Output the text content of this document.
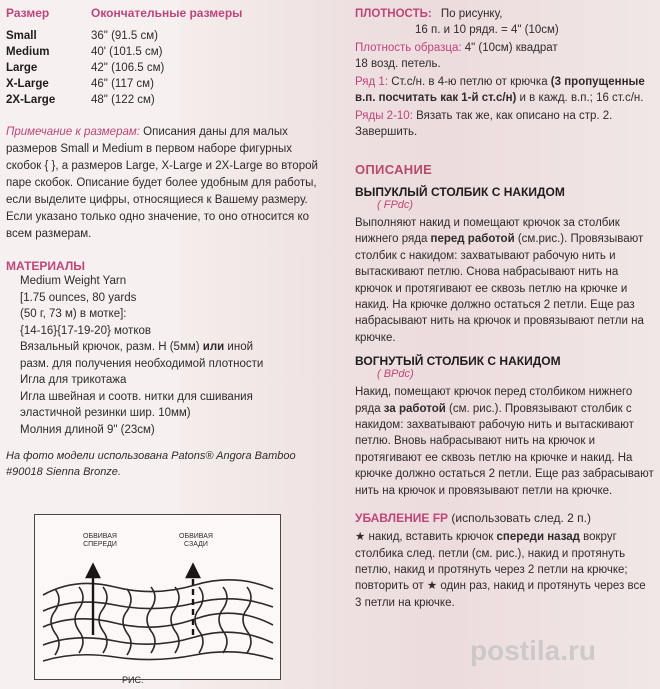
Размер	Окончательные размеры
Small	36" (91.5 см)
Medium	40' (101.5 см)
Large	42" (106.5 см)
X-Large	46" (117 см)
2X-Large	48" (122 см)
Примечание к размерам: Описания даны для малых размеров Small и Medium в первом наборе фигурных скобок { }, а размеров Large, X-Large и 2X-Large во второй паре скобок. Описание будет более удобным для работы, если выделите цифры, относящиеся к Вашему размеру. Если указано только одно значение, то оно относится ко всем размерам.
МАТЕРИАЛЫ
Medium Weight Yarn
[1.75 ounces, 80 yards
(50 г, 73 м) в мотке]:
{14-16}{17-19-20} мотков
Вязальный крючок, разм. Н (5мм) или иной
разм. для получения необходимой плотности
Игла для трикотажа
Игла швейная и соотв. нитки для сшивания
эластичной резинки шир. 10мм)
Молния длиной 9" (23см)
На фото модели использована Patons® Angora Bamboo #90018 Sienna Bronze.
ОБВИВАЯ СПЕРЕДИ
ОБВИВАЯ СЗАДИ
РИС.
ПЛОТНОСТЬ: По рисунку,
16 п. и 10 рядя. = 4" (10см)
Плотность образца: 4" (10см) квадрат
18 возд. петель.
Ряд 1: Ст.с/н. в 4-ю петлю от крючка (3 пропущенные в.п. посчитать как 1-й ст.с/н) и в кажд. в.п.; 16 ст.с/н.
Ряды 2-10: Вязать так же, как описано на стр. 2. Завершить.
ОПИСАНИЕ
ВЫПУКЛЫЙ СТОЛБИК С НАКИДОМ
( FPdc)
Выполняют накид и помещают крючок за столбик нижнего ряда перед работой (см.рис.). Провязывают столбик с накидом: захватывают рабочую нить и вытаскивают петлю. Снова набрасывают нить на крючок и протягивают ее сквозь петлю на крючке и накид. На крючке должно остаться 2 петли. Еще раз набрасывают нить на крючок и провязывают петли на крючке.
ВОГНУТЫЙ СТОЛБИК С НАКИДОМ
( BPdc)
Накид, помещают крючок перед столбиком нижнего ряда за работой (см. рис.). Провязывают столбик с накидом: захватывают рабочую нить и вытаскивают петлю. Вновь набрасывают нить на крючок и протягивают ее сквозь петлю на крючке и накид. На крючке должно остаться 2 петли. Еще раз забрасывают нить на крючок и провязывают петли на крючке.
УБАВЛЕНИЕ FP (использовать след. 2 п.)
★ накид, вставить крючок спереди назад вокруг столбика след. петли (см. рис.), накид и протянуть петлю, накид и протянуть через 2 петли на крючке; повторить от ★ один раз, накид и протянуть через все 3 петли на крючке.
postila.ru
